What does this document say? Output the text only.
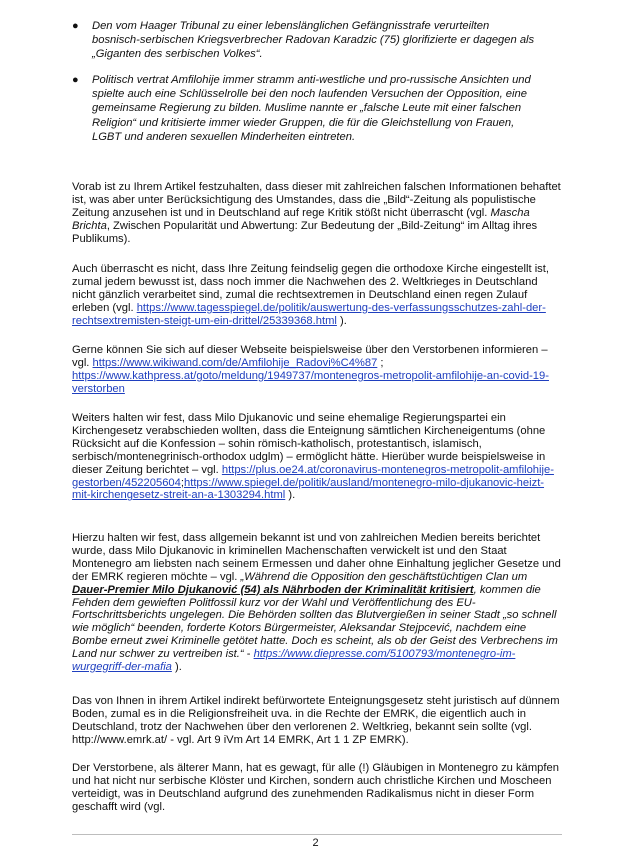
● Den vom Haager Tribunal zu einer lebenslänglichen Gefängnisstrafe verurteilten bosnisch-serbischen Kriegsverbrecher Radovan Karadzic (75) glorifizierte er dagegen als „Giganten des serbischen Volkes“.
● Politisch vertrat Amfilohije immer stramm anti-westliche und pro-russische Ansichten und spielte auch eine Schlüsselrolle bei den noch laufenden Versuchen der Opposition, eine gemeinsame Regierung zu bilden. Muslime nannte er „falsche Leute mit einer falschen Religion“ und kritisierte immer wieder Gruppen, die für die Gleichstellung von Frauen, LGBT und anderen sexuellen Minderheiten eintreten.
Vorab ist zu Ihrem Artikel festzuhalten, dass dieser mit zahlreichen falschen Informationen behaftet ist, was aber unter Berücksichtigung des Umstandes, dass die „Bild“-Zeitung als populistische Zeitung anzusehen ist und in Deutschland auf rege Kritik stößt nicht überrascht (vgl. Mascha Brichta, Zwischen Popularität und Abwertung: Zur Bedeutung der „Bild-Zeitung“ im Alltag ihres Publikums).
Auch überrascht es nicht, dass Ihre Zeitung feindselig gegen die orthodoxe Kirche eingestellt ist, zumal jedem bewusst ist, dass noch immer die Nachwehen des 2. Weltkrieges in Deutschland nicht gänzlich verarbeitet sind, zumal die rechtsextremen in Deutschland einen regen Zulauf erleben (vgl. https://www.tagesspiegel.de/politik/auswertung-des-verfassungsschutzes-zahl-der-rechtsextremisten-steigt-um-ein-drittel/25339368.html ).
Gerne können Sie sich auf dieser Webseite beispielsweise über den Verstorbenen informieren – vgl. https://www.wikiwand.com/de/Amfilohije_Radovi%C4%87 ; https://www.kathpress.at/goto/meldung/1949737/montenegros-metropolit-amfilohije-an-covid-19-verstorben
Weiters halten wir fest, dass Milo Djukanovic und seine ehemalige Regierungspartei ein Kirchengesetz verabschieden wollten, dass die Enteignung sämtlichen Kircheneigentums (ohne Rücksicht auf die Konfession – sohin römisch-katholisch, protestantisch, islamisch, serbisch/montenegrinisch-orthodox udglm) – ermöglicht hätte. Hierüber wurde beispielsweise in dieser Zeitung berichtet – vgl. https://plus.oe24.at/coronavirus-montenegros-metropolit-amfilohije-gestorben/452205604;https://www.spiegel.de/politik/ausland/montenegro-milo-djukanovic-heizt-mit-kirchengesetz-streit-an-a-1303294.html ).
Hierzu halten wir fest, dass allgemein bekannt ist und von zahlreichen Medien bereits berichtet wurde, dass Milo Djukanovic in kriminellen Machenschaften verwickelt ist und den Staat Montenegro am liebsten nach seinem Ermessen und daher ohne Einhaltung jeglicher Gesetze und der EMRK regieren möchte – vgl. „Während die Opposition den geschäftstüchtigen Clan um Dauer-Premier Milo Djukanović (54) als Nährboden der Kriminalität kritisiert, kommen die Fehden dem gewieften Politfossil kurz vor der Wahl und Veröffentlichung des EU-Fortschrittsberichts ungelegen. Die Behörden sollten das Blutvergießen in seiner Stadt „so schnell wie möglich“ beenden, forderte Kotors Bürgermeister, Aleksandar Stejpcević, nachdem eine Bombe erneut zwei Kriminelle getötet hatte. Doch es scheint, als ob der Geist des Verbrechens im Land nur schwer zu vertreiben ist.“ - https://www.diepresse.com/5100793/montenegro-im-wurgegriff-der-mafia ).
Das von Ihnen in ihrem Artikel indirekt befürwortete Enteignungsgesetz steht juristisch auf dünnem Boden, zumal es in die Religionsfreiheit uva. in die Rechte der EMRK, die eigentlich auch in Deutschland, trotz der Nachwehen über den verlorenen 2. Weltkrieg, bekannt sein sollte (vgl. http://www.emrk.at/ - vgl. Art 9 iVm Art 14 EMRK, Art 1 1 ZP EMRK).
Der Verstorbene, als älterer Mann, hat es gewagt, für alle (!) Gläubigen in Montenegro zu kämpfen und hat nicht nur serbische Klöster und Kirchen, sondern auch christliche Kirchen und Moscheen verteidigt, was in Deutschland aufgrund des zunehmenden Radikalismus nicht in dieser Form geschafft wird (vgl.
2
